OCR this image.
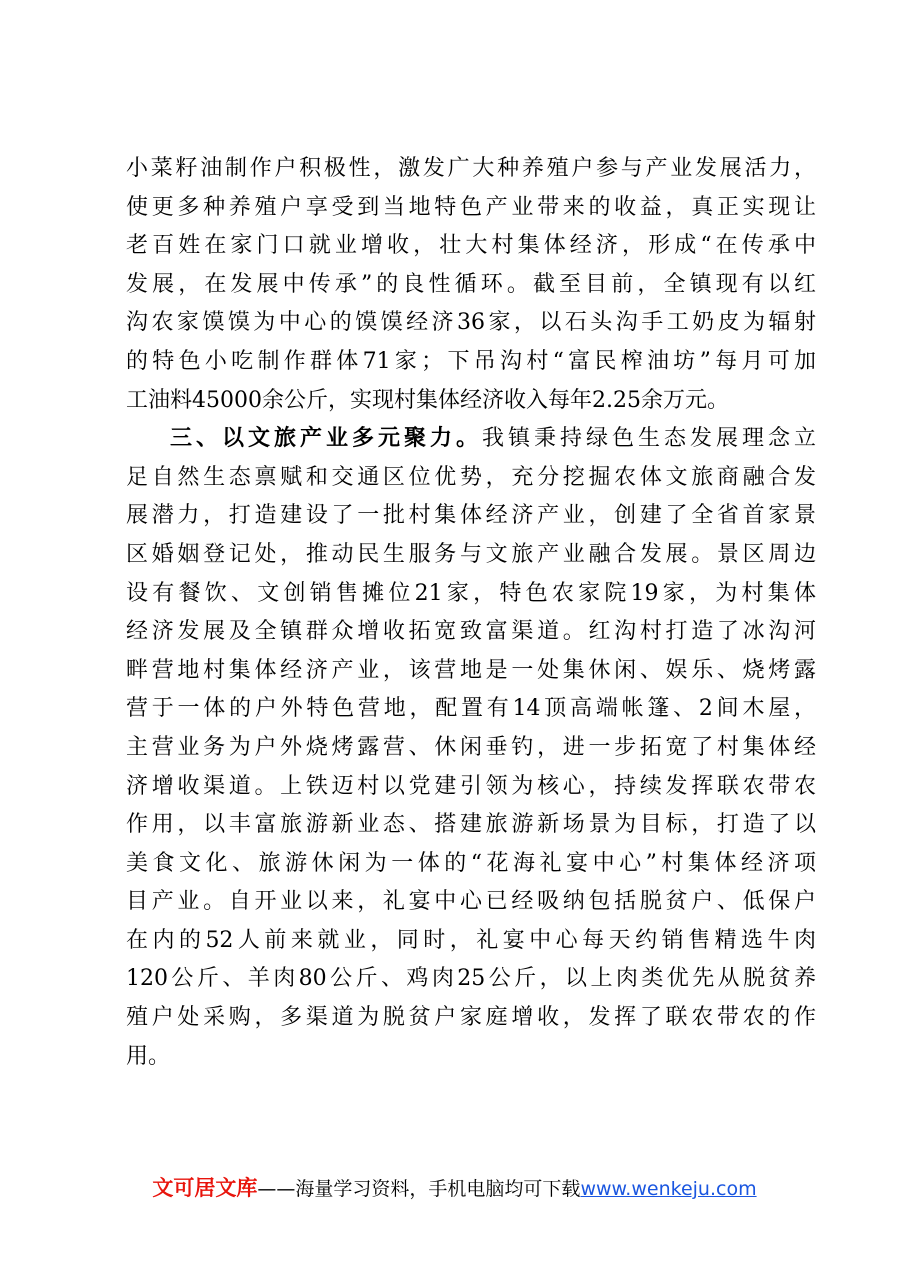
小菜籽油制作户积极性，激发广大种养殖户参与产业发展活力，
使更多种养殖户享受到当地特色产业带来的收益，真正实现让
老百姓在家门口就业增收，壮大村集体经济，形成“在传承中
发展，在发展中传承”的良性循环。截至目前，全镇现有以红
沟农家馍馍为中心的馍馍经济36家，以石头沟手工奶皮为辐射
的特色小吃制作群体71家；下吊沟村“富民榨油坊”每月可加
工油料45000余公斤，实现村集体经济收入每年2.25余万元。
三、以文旅产业多元聚力。我镇秉持绿色生态发展理念立
足自然生态禀赋和交通区位优势，充分挖掘农体文旅商融合发
展潜力，打造建设了一批村集体经济产业，创建了全省首家景
区婚姻登记处，推动民生服务与文旅产业融合发展。景区周边
设有餐饮、文创销售摊位21家，特色农家院19家，为村集体
经济发展及全镇群众增收拓宽致富渠道。红沟村打造了冰沟河
畔营地村集体经济产业，该营地是一处集休闲、娱乐、烧烤露
营于一体的户外特色营地，配置有14顶高端帐篷、2间木屋，
主营业务为户外烧烤露营、休闲垂钓，进一步拓宽了村集体经
济增收渠道。上铁迈村以党建引领为核心，持续发挥联农带农
作用，以丰富旅游新业态、搭建旅游新场景为目标，打造了以
美食文化、旅游休闲为一体的“花海礼宴中心”村集体经济项
目产业。自开业以来，礼宴中心已经吸纳包括脱贫户、低保户
在内的52人前来就业，同时，礼宴中心每天约销售精选牛肉
120公斤、羊肉80公斤、鸡肉25公斤，以上肉类优先从脱贫养
殖户处采购，多渠道为脱贫户家庭增收，发挥了联农带农的作
用。
文可居文库——海量学习资料，手机电脑均可下载www.wenkeju.com
